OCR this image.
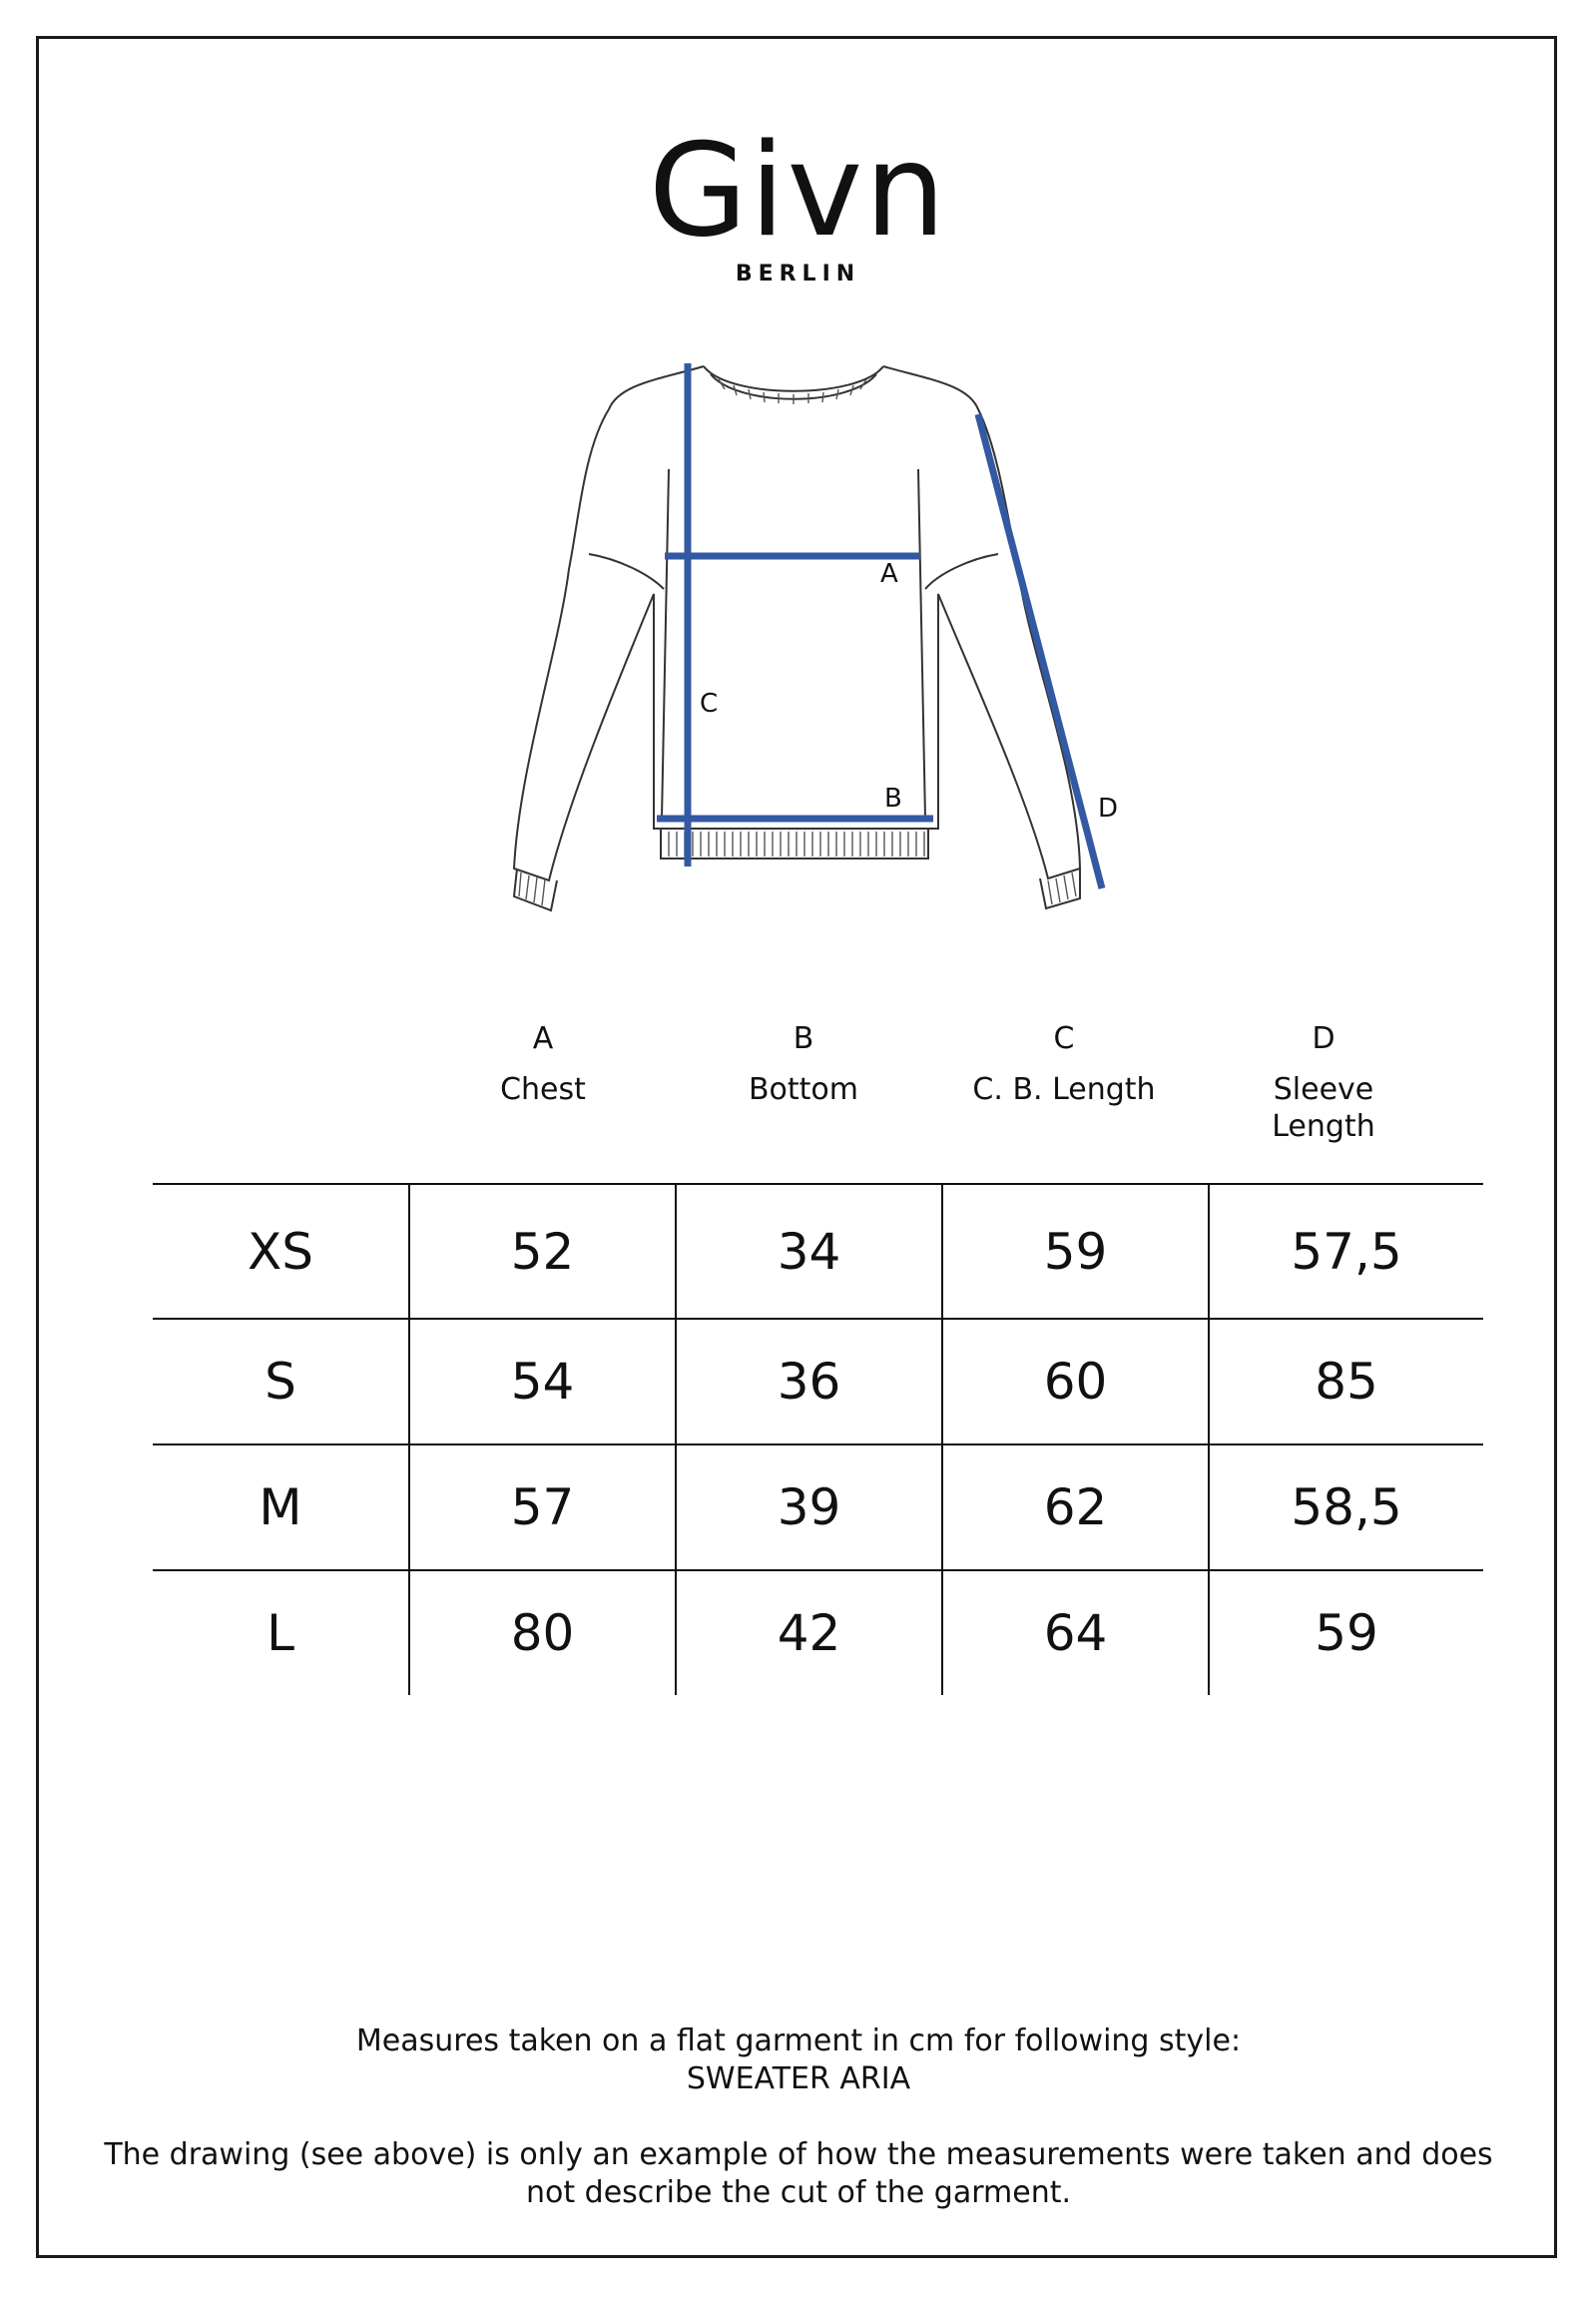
Givn
BERLIN
A
C
B	D
A
Chest
B
Bottom
C
C. B. Length
D
Sleeve Length
XS	52	34	59	57,5
S	54	36	60	85
M	57	39	62	58,5
L	80	42	64	59
Measures taken on a flat garment in cm for following style:
SWEATER ARIA
The drawing (see above) is only an example of how the measurements were taken and does
not describe the cut of the garment.
